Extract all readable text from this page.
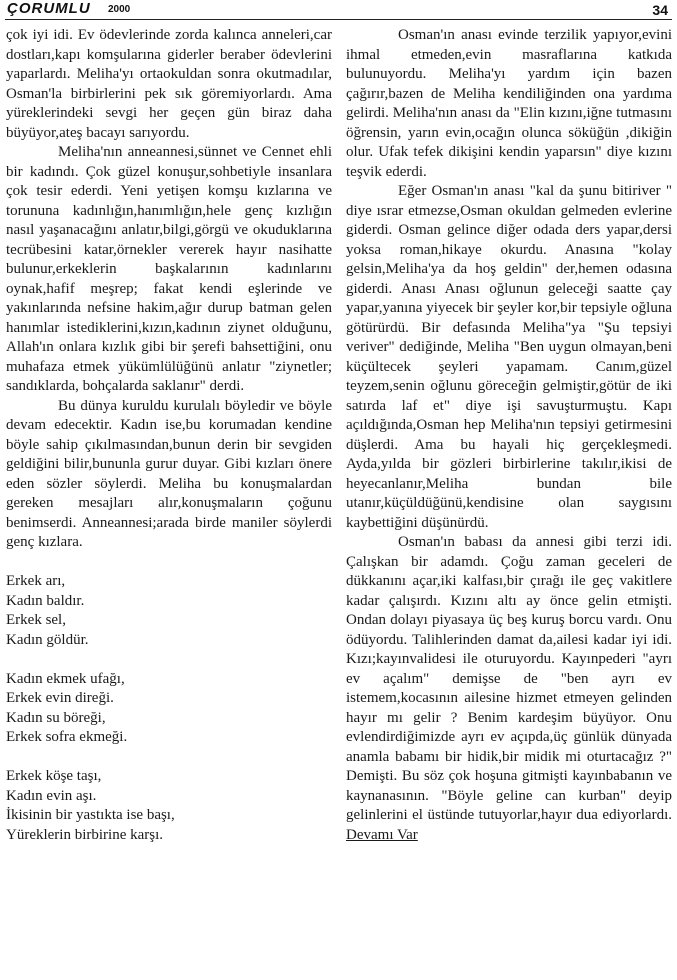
ÇORUMLU 2000	34

çok iyi idi. Ev ödevlerinde zorda kalınca anneleri,car dostları,kapı komşularına giderler beraber ödevlerini yaparlardı. Meliha'yı ortaokuldan sonra okutmadılar, Osman'la birbirlerini pek sık göremiyorlardı. Ama yüreklerindeki sevgi her geçen gün biraz daha büyüyor,ateş bacayı sarıyordu.

Meliha'nın anneannesi,sünnet ve Cennet ehli bir kadındı. Çok güzel konuşur,sohbetiyle insanlara çok tesir ederdi. Yeni yetişen komşu kızlarına ve torununa kadınlığın,hanımlığın,hele genç kızlığın nasıl yaşanacağını anlatır,bilgi,görgü ve okuduklarına tecrübesini katar,örnekler vererek hayır nasihatte bulunur,erkeklerin başkalarının kadınlarını oynak,hafif meşrep; fakat kendi eşlerinde ve yakınlarında nefsine hakim,ağır durup batman gelen hanımlar istediklerini,kızın,kadının ziynet olduğunu, Allah'ın onlara kızlık gibi bir şerefi bahsettiğini, onu muhafaza etmek yükümlülüğünü anlatır "ziynetler; sandıklarda, bohçalarda saklanır" derdi.

Bu dünya kuruldu kurulalı böyledir ve böyle devam edecektir. Kadın ise,bu korumadan kendine böyle sahip çıkılmasından,bunun derin bir sevgiden geldiğini bilir,bununla gurur duyar. Gibi kızları önere eden sözler söylerdi. Meliha bu konuşmalardan gereken mesajları alır,konuşmaların çoğunu benimserdi. Anneannesi;arada birde maniler söylerdi genç kızlara.

Erkek arı,

Kadın baldır.

Erkek sel,

Kadın göldür.

Kadın ekmek ufağı,

Erkek evin direği.

Kadın su böreği,

Erkek sofra ekmeği.

Erkek köşe taşı,

Kadın evin aşı.

İkisinin bir yastıkta ise başı,

Yüreklerin birbirine karşı.

Osman'ın anası evinde terzilik yapıyor,evini ihmal etmeden,evin masraflarına katkıda bulunuyordu. Meliha'yı yardım için bazen çağırır,bazen de Meliha kendiliğinden ona yardıma gelirdi. Meliha'nın anası da "Elin kızını,iğne tutmasını öğrensin, yarın evin,ocağın olunca söküğün ,dikiğin olur. Ufak tefek dikişini kendin yaparsın" diye kızını teşvik ederdi.

Eğer Osman'ın anası "kal da şunu bitiriver " diye ısrar etmezse,Osman okuldan gelmeden evlerine giderdi. Osman gelince diğer odada ders yapar,dersi yoksa roman,hikaye okurdu. Anasına "kolay gelsin,Meliha'ya da hoş geldin" der,hemen odasına giderdi. Anası Anası oğlunun geleceği saatte çay yapar,yanına yiyecek bir şeyler kor,bir tepsiyle oğluna götürürdü. Bir defasında Meliha"ya "Şu tepsiyi veriver" dediğinde, Meliha "Ben uygun olmayan,beni küçültecek şeyleri yapamam. Canım,güzel teyzem,senin oğlunu göreceğin gelmiştir,götür de iki satırda laf et" diye işi savuşturmuştu. Kapı açıldığında,Osman hep Meliha'nın tepsiyi getirmesini düşlerdi. Ama bu hayali hiç gerçekleşmedi. Ayda,yılda bir gözleri birbirlerine takılır,ikisi de heyecanlanır,Meliha bundan bile utanır,küçüldüğünü,kendisine olan saygısını kaybettiğini düşünürdü.

Osman'ın babası da annesi gibi terzi idi. Çalışkan bir adamdı. Çoğu zaman geceleri de dükkanını açar,iki kalfası,bir çırağı ile geç vakitlere kadar çalışırdı. Kızını altı ay önce gelin etmişti. Ondan dolayı piyasaya üç beş kuruş borcu vardı. Onu ödüyordu. Talihlerinden damat da,ailesi kadar iyi idi. Kızı;kayınvalidesi ile oturuyordu. Kayınpederi "ayrı ev açalım" demişse de "ben ayrı ev istemem,kocasının ailesine hizmet etmeyen gelinden hayır mı gelir ? Benim kardeşim büyüyor. Onu evlendirdiğimizde ayrı ev açıpda,üç günlük dünyada anamla babamı bir hidik,bir midik mi oturtacağız ?" Demişti. Bu söz çok hoşuna gitmişti kayınbabanın ve kaynanasının. "Böyle geline can kurban" deyip gelinlerini el üstünde tutuyorlar,hayır dua ediyorlardı. Devamı Var
